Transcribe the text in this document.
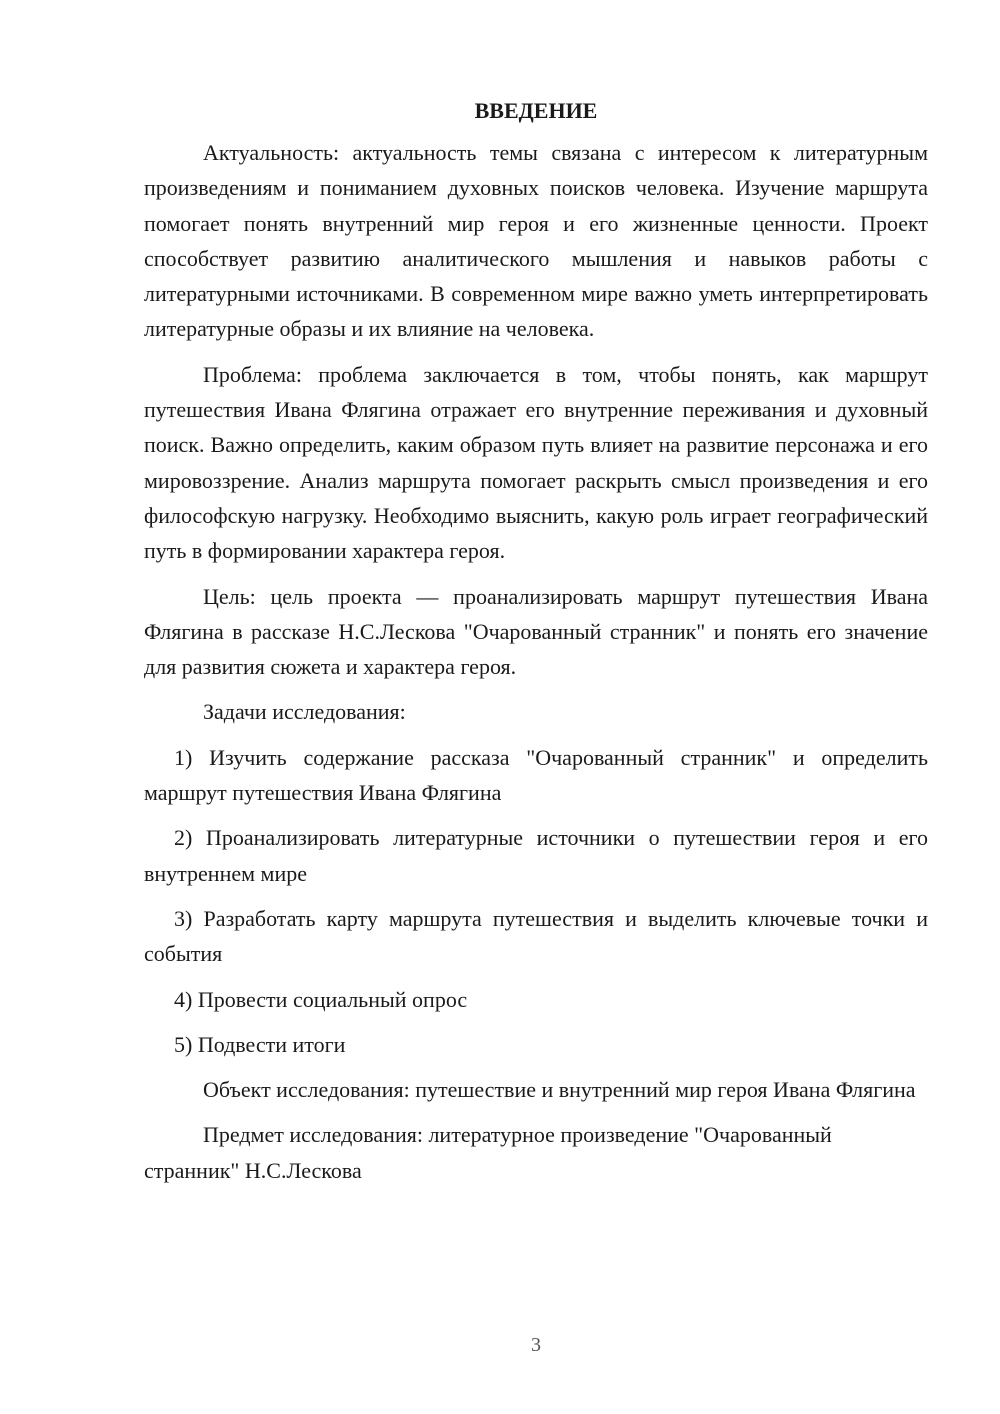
ВВЕДЕНИЕ

Актуальность: актуальность темы связана с интересом к литературным произведениям и пониманием духовных поисков человека. Изучение маршрута помогает понять внутренний мир героя и его жизненные ценности. Проект способствует развитию аналитического мышления и навыков работы с литературными источниками. В современном мире важно уметь интерпретировать литературные образы и их влияние на человека.

Проблема: проблема заключается в том, чтобы понять, как маршрут путешествия Ивана Флягина отражает его внутренние переживания и духовный поиск. Важно определить, каким образом путь влияет на развитие персонажа и его мировоззрение. Анализ маршрута помогает раскрыть смысл произведения и его философскую нагрузку. Необходимо выяснить, какую роль играет географический путь в формировании характера героя.

Цель: цель проекта — проанализировать маршрут путешествия Ивана Флягина в рассказе Н.С.Лескова "Очарованный странник" и понять его значение для развития сюжета и характера героя.

Задачи исследования:

1) Изучить содержание рассказа "Очарованный странник" и определить маршрут путешествия Ивана Флягина

2) Проанализировать литературные источники о путешествии героя и его внутреннем мире

3) Разработать карту маршрута путешествия и выделить ключевые точки и события

4) Провести социальный опрос

5) Подвести итоги

Объект исследования: путешествие и внутренний мир героя Ивана Флягина

Предмет исследования: литературное произведение "Очарованный странник" Н.С.Лескова

3
